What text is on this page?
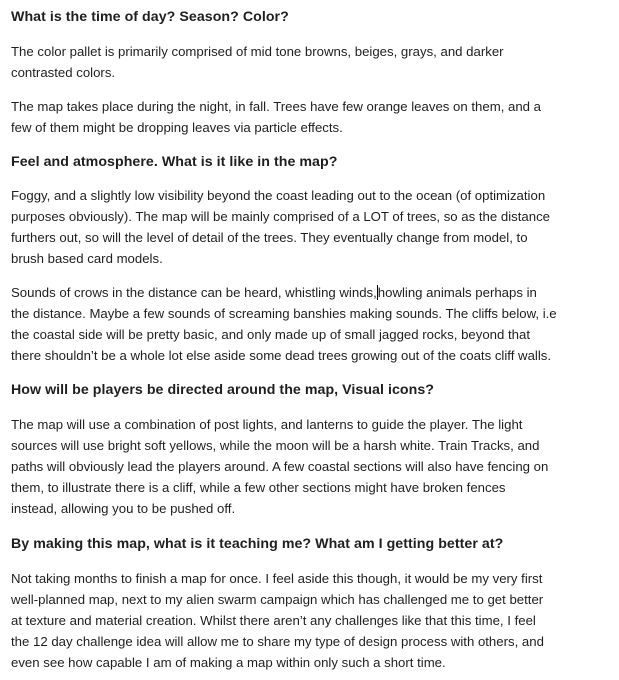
What is the time of day? Season? Color?

The color pallet is primarily comprised of mid tone browns, beiges, grays, and darker
contrasted colors.

The map takes place during the night, in fall. Trees have few orange leaves on them, and a
few of them might be dropping leaves via particle effects.

Feel and atmosphere. What is it like in the map?

Foggy, and a slightly low visibility beyond the coast leading out to the ocean (of optimization
purposes obviously). The map will be mainly comprised of a LOT of trees, so as the distance
furthers out, so will the level of detail of the trees. They eventually change from model, to
brush based card models.

Sounds of crows in the distance can be heard, whistling winds,howling animals perhaps in
the distance. Maybe a few sounds of screaming banshies making sounds. The cliffs below, i.e
the coastal side will be pretty basic, and only made up of small jagged rocks, beyond that
there shouldn’t be a whole lot else aside some dead trees growing out of the coats cliff walls.

How will be players be directed around the map, Visual icons?

The map will use a combination of post lights, and lanterns to guide the player. The light
sources will use bright soft yellows, while the moon will be a harsh white. Train Tracks, and
paths will obviously lead the players around. A few coastal sections will also have fencing on
them, to illustrate there is a cliff, while a few other sections might have broken fences
instead, allowing you to be pushed off.

By making this map, what is it teaching me? What am I getting better at?

Not taking months to finish a map for once. I feel aside this though, it would be my very first
well-planned map, next to my alien swarm campaign which has challenged me to get better
at texture and material creation. Whilst there aren’t any challenges like that this time, I feel
the 12 day challenge idea will allow me to share my type of design process with others, and
even see how capable I am of making a map within only such a short time.
